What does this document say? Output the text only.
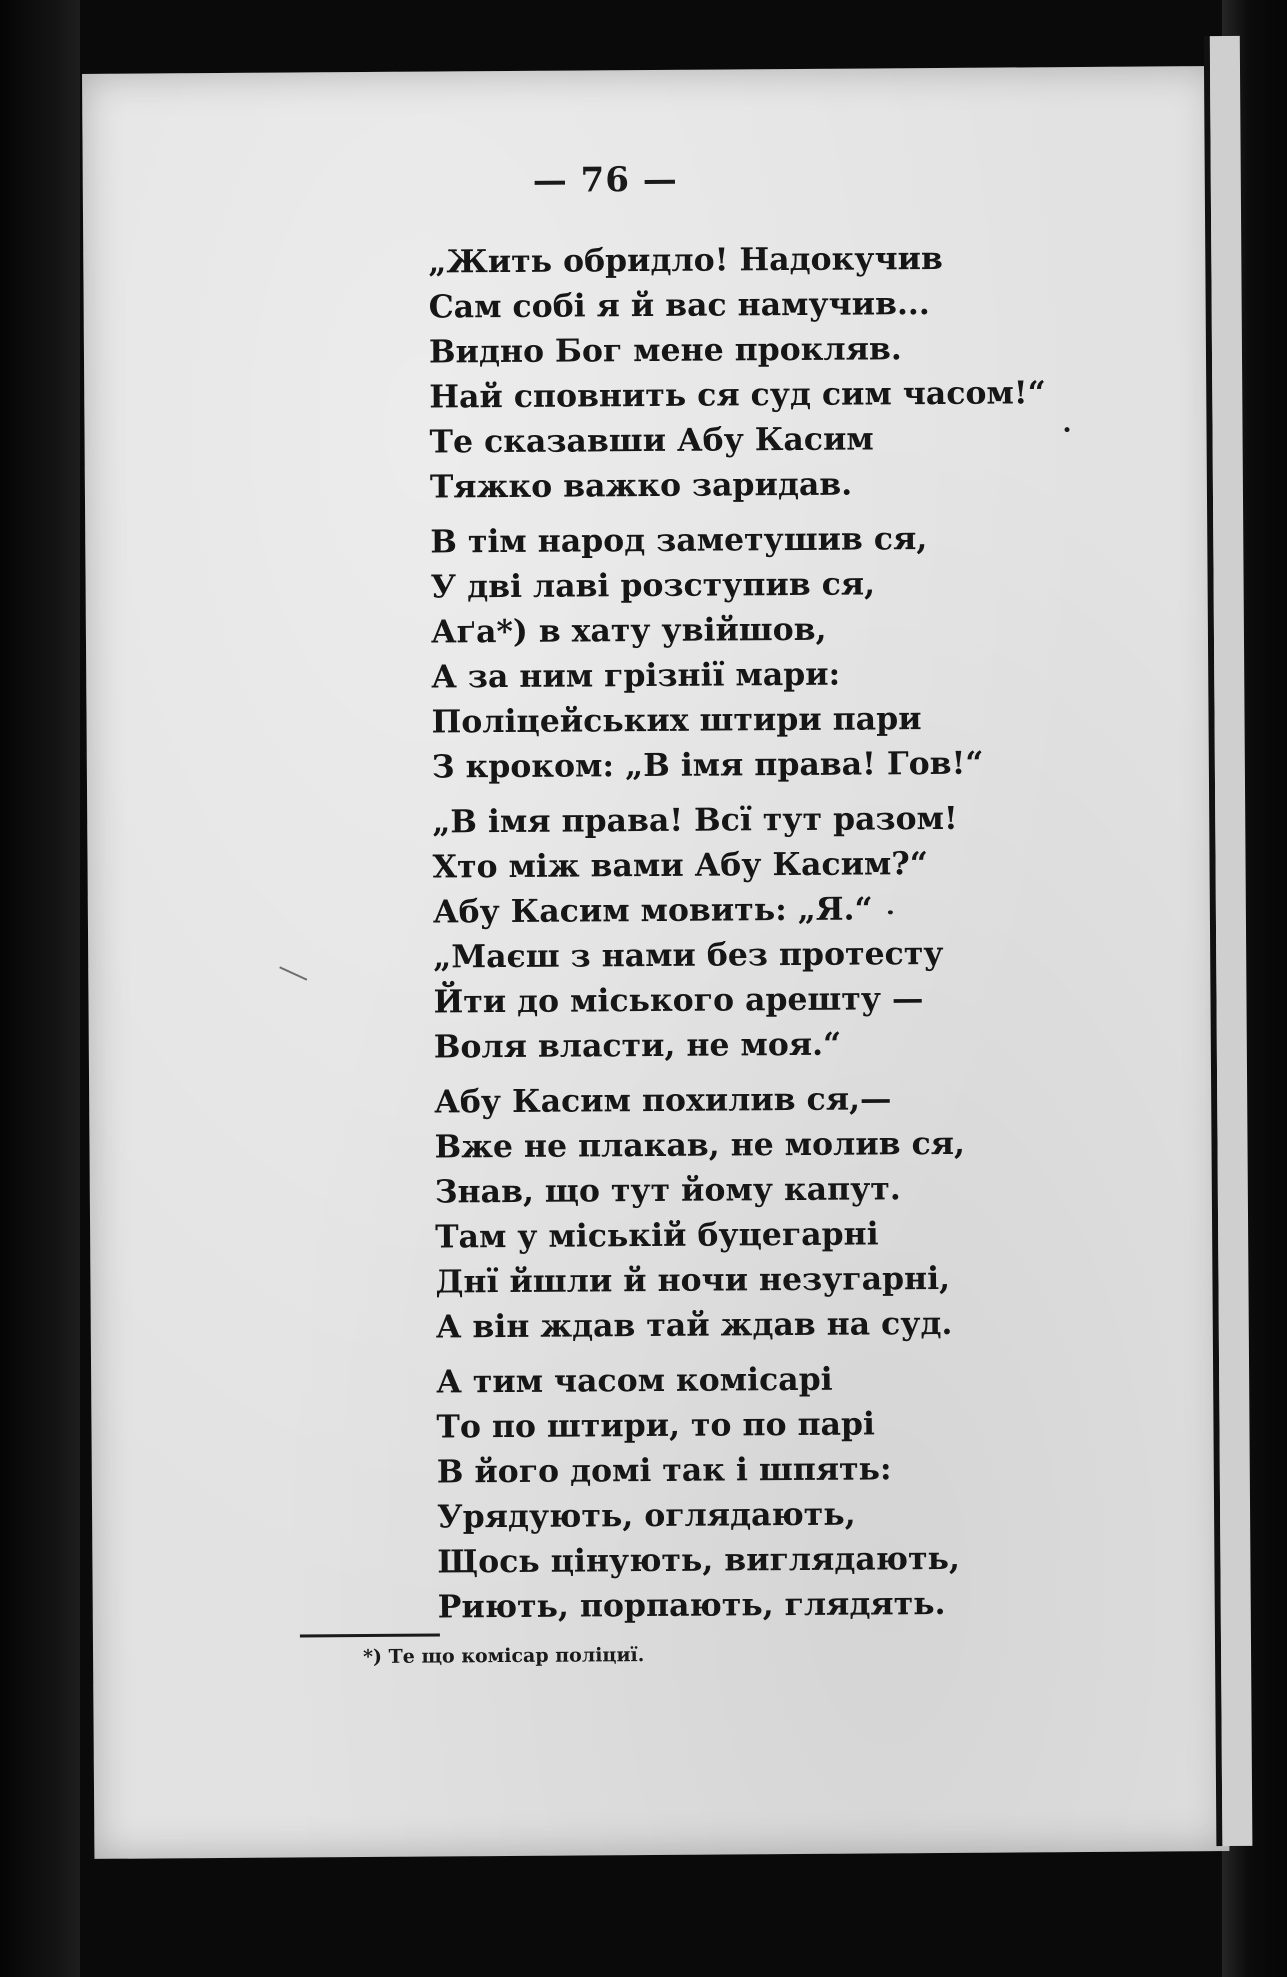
— 76 —
„Жить обридло! Надокучив
Сам собі я й вас намучив...
Видно Бог мене прокляв.
Най сповнить ся суд сим часом!“
Те сказавши Абу Касим
Тяжко важко заридав.
В тім народ заметушив ся,
У дві лаві розступив ся,
Аґа*) в хату увійшов,
А за ним грізнії мари:
Поліцейських штири пари
З кроком: „В імя права! Гов!“
„В імя права! Всї тут разом!
Хто між вами Абу Касим?“
Абу Касим мовить: „Я.“
„Маєш з нами без протесту
Йти до міського арешту —
Воля власти, не моя.“
Абу Касим похилив ся,—
Вже не плакав, не молив ся,
Знав, що тут йому капут.
Там у міській буцегарні
Днї йшли й ночи незугарні,
А він ждав тай ждав на суд.
А тим часом комісарі
То по штири, то по парі
В його домі так і шпять:
Урядують, оглядають,
Щось цінують, виглядають,
Риють, порпають, глядять.
*) Те що комісар поліциї.
